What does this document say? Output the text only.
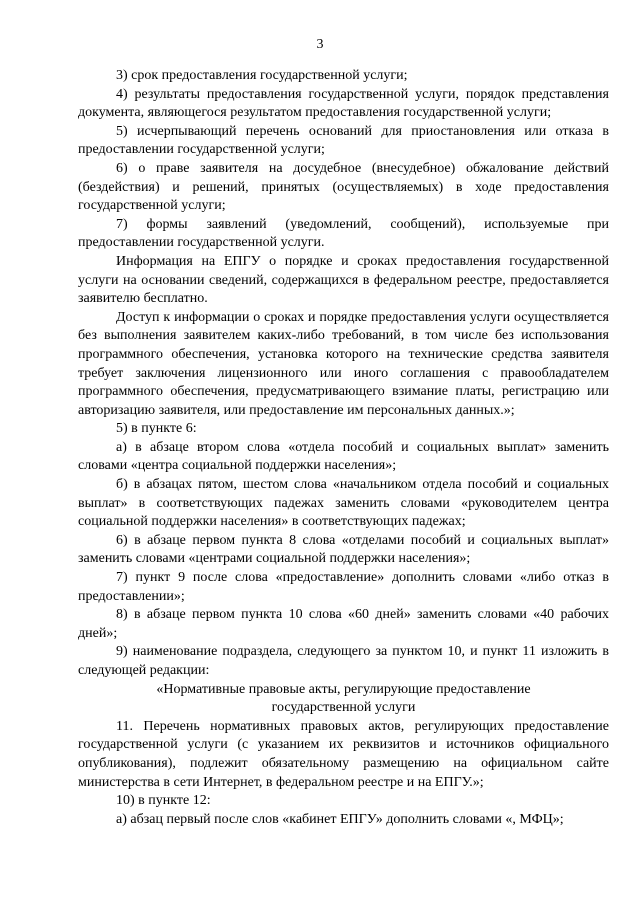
3

3) срок предоставления государственной услуги;

4) результаты предоставления государственной услуги, порядок представления документа, являющегося результатом предоставления государственной услуги;

5) исчерпывающий перечень оснований для приостановления или отказа в предоставлении государственной услуги;

6) о праве заявителя на досудебное (внесудебное) обжалование действий (бездействия) и решений, принятых (осуществляемых) в ходе предоставления государственной услуги;

7) формы заявлений (уведомлений, сообщений), используемые при предоставлении государственной услуги.

Информация на ЕПГУ о порядке и сроках предоставления государственной услуги на основании сведений, содержащихся в федеральном реестре, предоставляется заявителю бесплатно.

Доступ к информации о сроках и порядке предоставления услуги осуществляется без выполнения заявителем каких-либо требований, в том числе без использования программного обеспечения, установка которого на технические средства заявителя требует заключения лицензионного или иного соглашения с правообладателем программного обеспечения, предусматривающего взимание платы, регистрацию или авторизацию заявителя, или предоставление им персональных данных.»;

5) в пункте 6:

а) в абзаце втором слова «отдела пособий и социальных выплат» заменить словами «центра социальной поддержки населения»;

б) в абзацах пятом, шестом слова «начальником отдела пособий и социальных выплат» в соответствующих падежах заменить словами «руководителем центра социальной поддержки населения» в соответствующих падежах;

6) в абзаце первом пункта 8 слова «отделами пособий и социальных выплат» заменить словами «центрами социальной поддержки населения»;

7) пункт 9 после слова «предоставление» дополнить словами «либо отказ в предоставлении»;

8) в абзаце первом пункта 10 слова «60 дней» заменить словами «40 рабочих дней»;

9) наименование подраздела, следующего за пунктом 10, и пункт 11 изложить в следующей редакции:

«Нормативные правовые акты, регулирующие предоставление государственной услуги

11. Перечень нормативных правовых актов, регулирующих предоставление государственной услуги (с указанием их реквизитов и источников официального опубликования), подлежит обязательному размещению на официальном сайте министерства в сети Интернет, в федеральном реестре и на ЕПГУ.»;

10) в пункте 12:

а) абзац первый после слов «кабинет ЕПГУ» дополнить словами «, МФЦ»;
